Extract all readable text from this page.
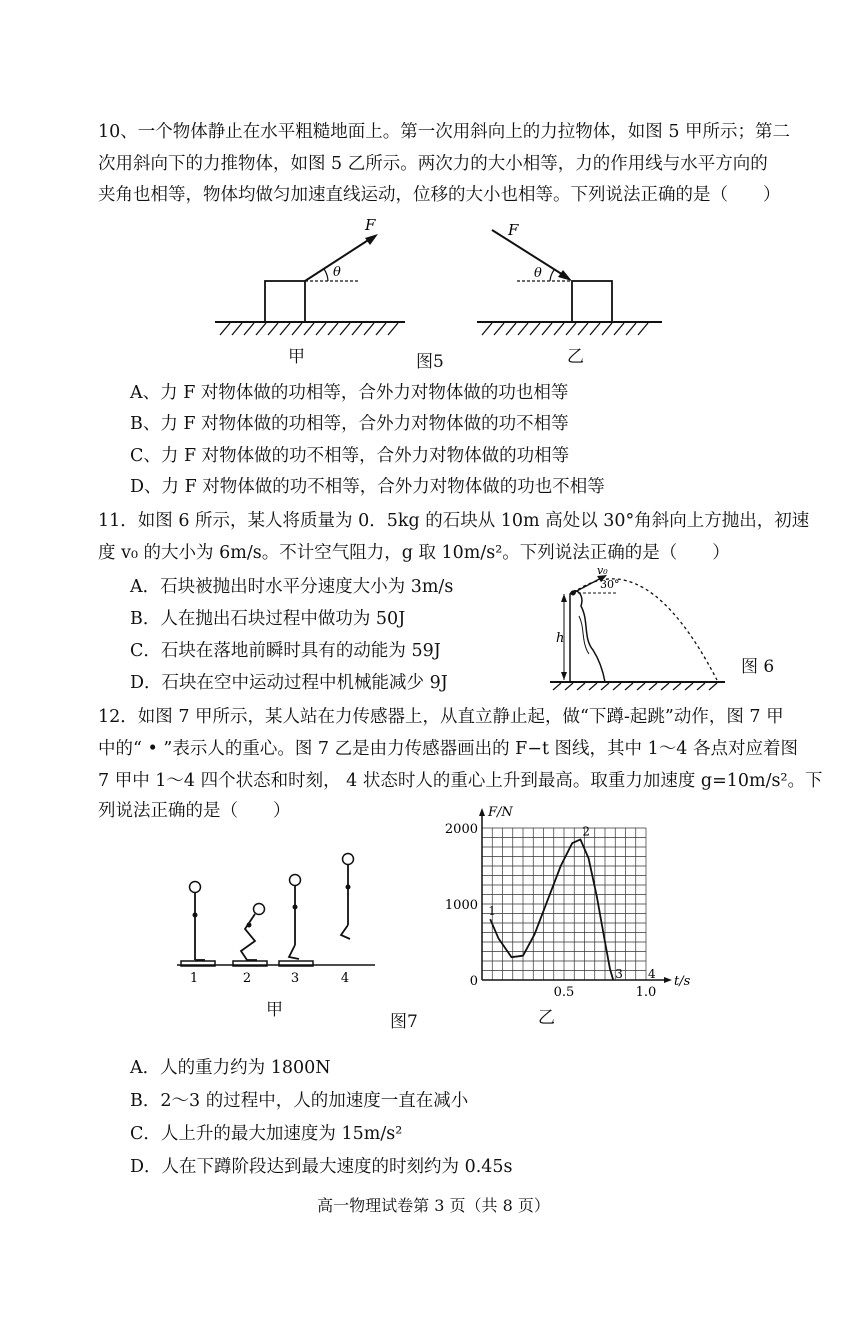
10、一个物体静止在水平粗糙地面上。第一次用斜向上的力拉物体，如图 5 甲所示；第二
次用斜向下的力推物体，如图 5 乙所示。两次力的大小相等，力的作用线与水平方向的
夹角也相等，物体均做匀加速直线运动，位移的大小也相等。下列说法正确的是（　　）
θ
F
θ
F
甲	图5	乙
A、力 F 对物体做的功相等，合外力对物体做的功也相等
B、力 F 对物体做的功相等，合外力对物体做的功不相等
C、力 F 对物体做的功不相等，合外力对物体做的功相等
D、力 F 对物体做的功不相等，合外力对物体做的功也不相等
11．如图 6 所示，某人将质量为 0．5kg 的石块从 10m 高处以 30°角斜向上方抛出，初速
度 v₀ 的大小为 6m/s。不计空气阻力，g 取 10m/s²。下列说法正确的是（　　）
A．石块被抛出时水平分速度大小为 3m/s
B．人在抛出石块过程中做功为 50J
C．石块在落地前瞬时具有的动能为 59J
D．石块在空中运动过程中机械能减少 9J
h
v₀
30°
图 6
12．如图 7 甲所示，某人站在力传感器上，从直立静止起，做“下蹲-起跳”动作，图 7 甲
中的“ • ”表示人的重心。图 7 乙是由力传感器画出的 F−t 图线，其中 1～4 各点对应着图
7 甲中 1～4 四个状态和时刻， 4 状态时人的重心上升到最高。取重力加速度 g=10m/s²。下
列说法正确的是（　　）
1	2	3	4
甲
图7
0
1000
2000
0.5	1.0
F/N
t/s
1
2
3 4
乙
A．人的重力约为 1800N
B．2～3 的过程中，人的加速度一直在减小
C．人上升的最大加速度为 15m/s²
D．人在下蹲阶段达到最大速度的时刻约为 0.45s
高一物理试卷第 3 页（共 8 页）
